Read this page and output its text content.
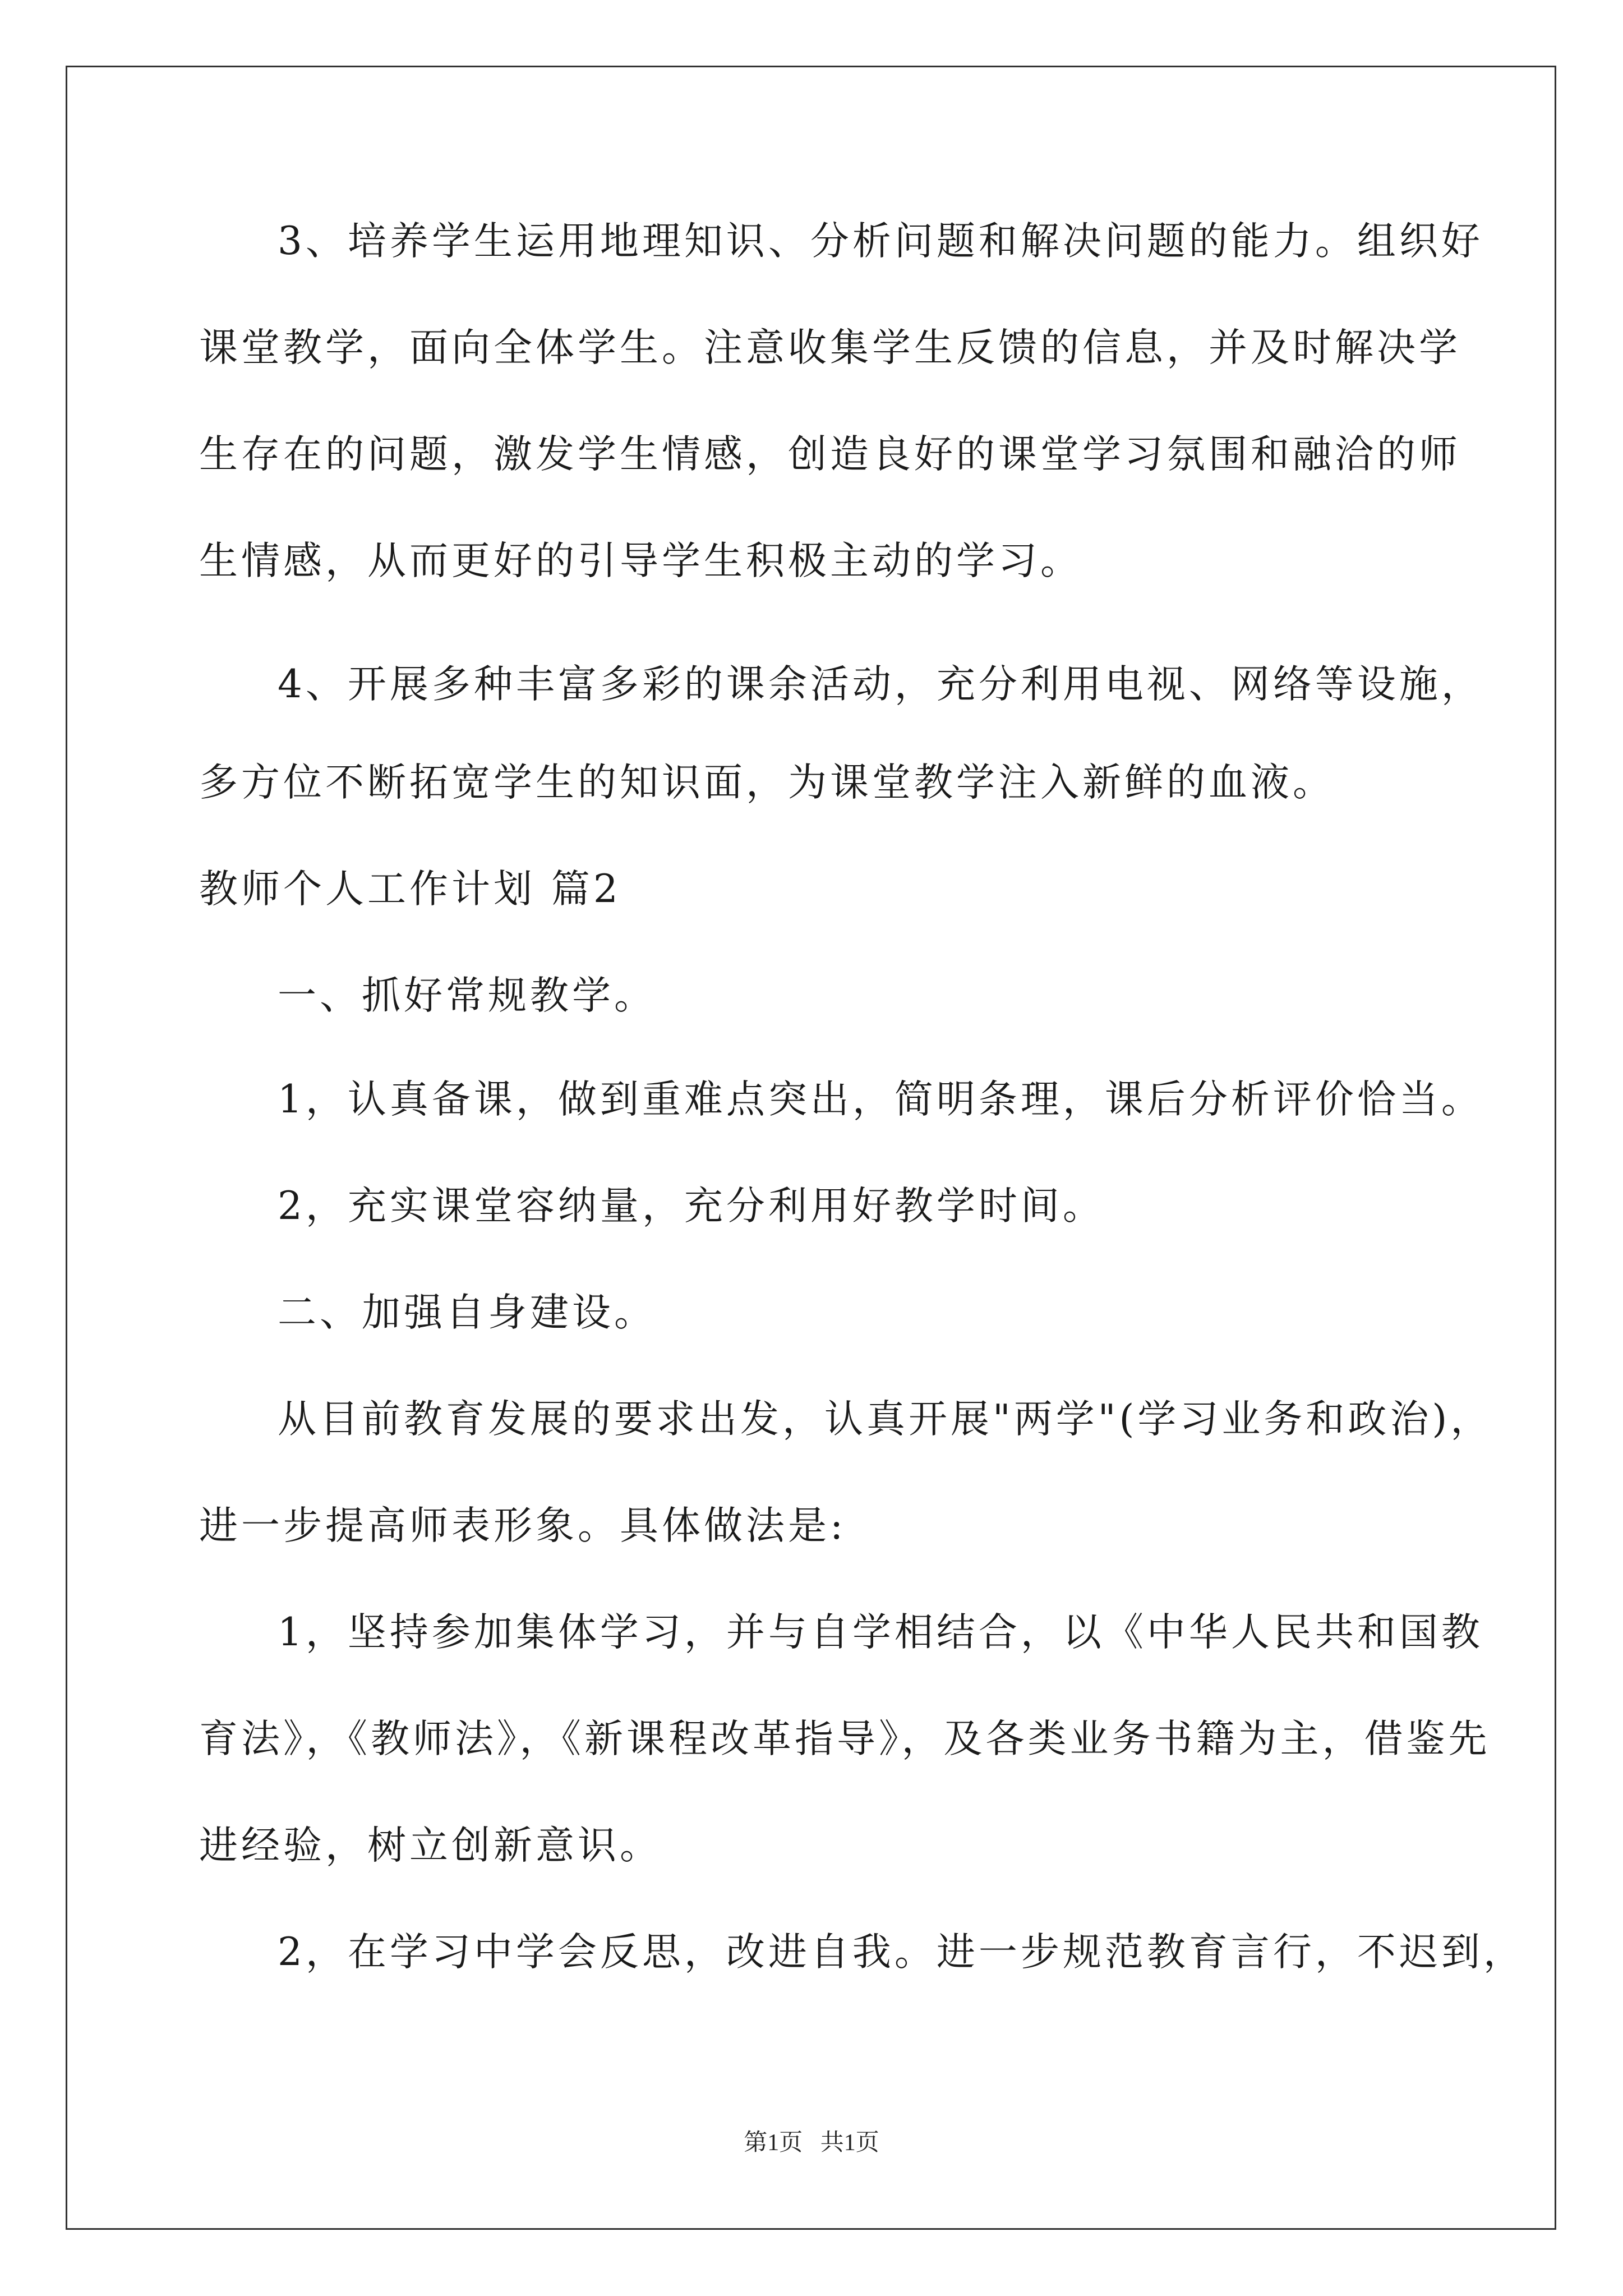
3、培养学生运用地理知识、分析问题和解决问题的能力。组织好
课堂教学，面向全体学生。注意收集学生反馈的信息，并及时解决学
生存在的问题，激发学生情感，创造良好的课堂学习氛围和融洽的师
生情感，从而更好的引导学生积极主动的学习。
4、开展多种丰富多彩的课余活动，充分利用电视、网络等设施，
多方位不断拓宽学生的知识面，为课堂教学注入新鲜的血液。
教师个人工作计划 篇2
一、抓好常规教学。
1，认真备课，做到重难点突出，简明条理，课后分析评价恰当。
2，充实课堂容纳量，充分利用好教学时间。
二、加强自身建设。
从目前教育发展的要求出发，认真开展"两学"(学习业务和政治)，
进一步提高师表形象。具体做法是:
1，坚持参加集体学习，并与自学相结合，以《中华人民共和国教
育法》，《教师法》，《新课程改革指导》，及各类业务书籍为主，借鉴先
进经验，树立创新意识。
2，在学习中学会反思，改进自我。进一步规范教育言行，不迟到，
第1页   共1页
